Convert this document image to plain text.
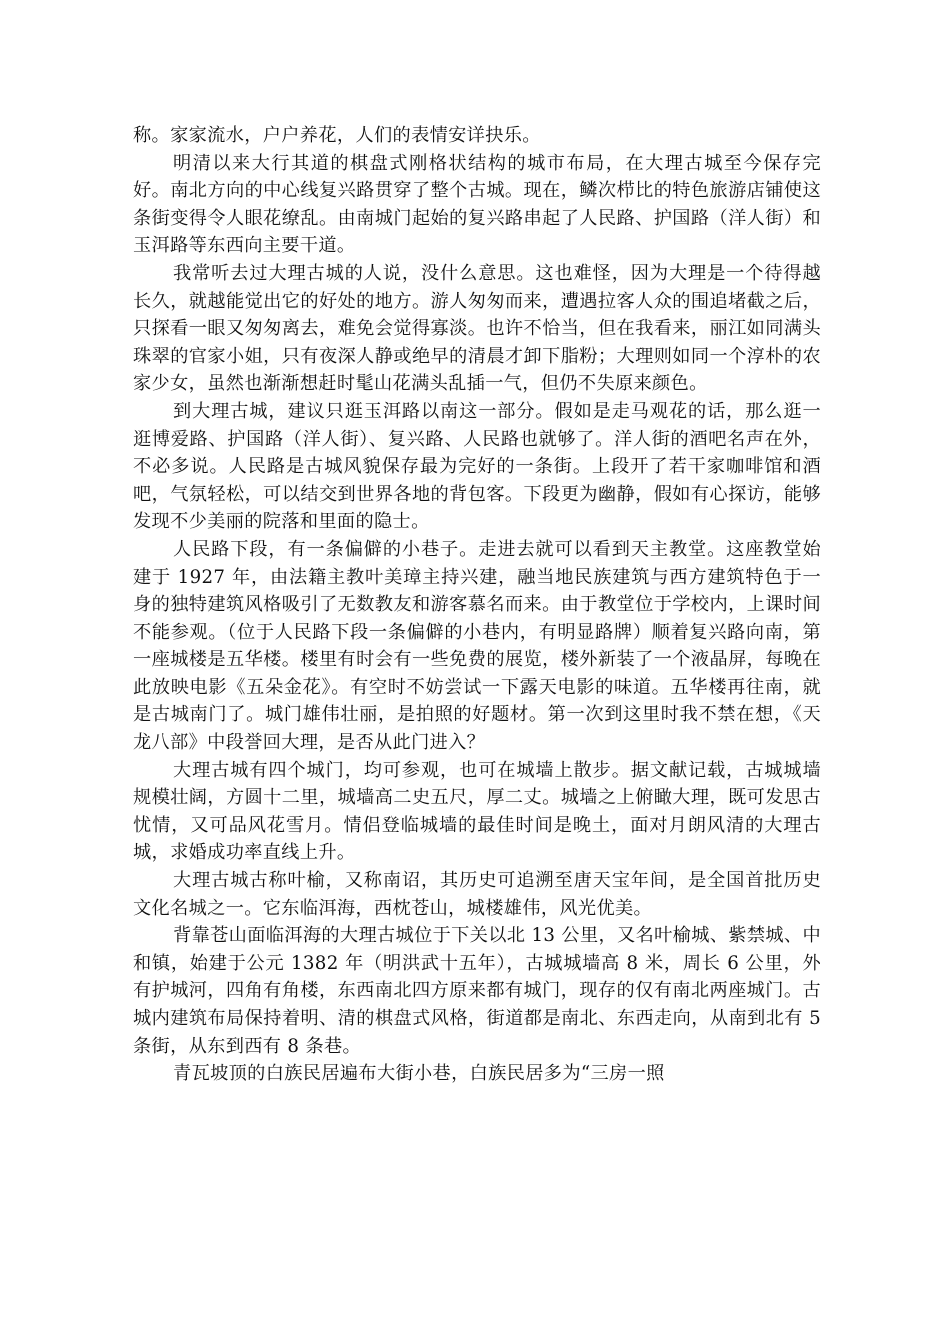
称。家家流水，户户养花，人们的表情安详抉乐。

明清以来大行其道的棋盘式刚格状结构的城市布局，在大理古城至今保存完好。南北方向的中心线复兴路贯穿了整个古城。现在，鳞次栉比的特色旅游店铺使这条街变得令人眼花缭乱。由南城门起始的复兴路串起了人民路、护国路（洋人街）和玉洱路等东西向主要干道。

我常听去过大理古城的人说，没什么意思。这也难怪，因为大理是一个待得越长久，就越能觉出它的好处的地方。游人匆匆而来，遭遇拉客人众的围追堵截之后，只探看一眼又匆匆离去，难免会觉得寡淡。也许不恰当，但在我看来，丽江如同满头珠翠的官家小姐，只有夜深人静或绝早的清晨才卸下脂粉；大理则如同一个淳朴的农家少女，虽然也渐渐想赶时髦山花满头乱插一气，但仍不失原来颜色。

到大理古城，建议只逛玉洱路以南这一部分。假如是走马观花的话，那么逛一逛博爱路、护国路（洋人街）、复兴路、人民路也就够了。洋人街的酒吧名声在外，不必多说。人民路是古城风貌保存最为完好的一条街。上段开了若干家咖啡馆和酒吧，气氛轻松，可以结交到世界各地的背包客。下段更为幽静，假如有心探访，能够发现不少美丽的院落和里面的隐士。

人民路下段，有一条偏僻的小巷子。走进去就可以看到天主教堂。这座教堂始建于 1927 年，由法籍主教叶美璋主持兴建，融当地民族建筑与西方建筑特色于一身的独特建筑风格吸引了无数教友和游客慕名而来。由于教堂位于学校内，上课时间不能参观。（位于人民路下段一条偏僻的小巷内，有明显路牌）顺着复兴路向南，第一座城楼是五华楼。楼里有时会有一些免费的展览，楼外新装了一个液晶屏，每晚在此放映电影《五朵金花》。有空时不妨尝试一下露天电影的味道。五华楼再往南，就是古城南门了。城门雄伟壮丽，是拍照的好题材。第一次到这里时我不禁在想，《天龙八部》中段誉回大理，是否从此门进入？

大理古城有四个城门，均可参观，也可在城墙上散步。据文献记载，古城城墙规模壮阔，方圆十二里，城墙高二史五尺，厚二丈。城墙之上俯瞰大理，既可发思古忧情，又可品风花雪月。情侣登临城墙的最佳时间是晚土，面对月朗风清的大理古城，求婚成功率直线上升。

大理古城古称叶榆，又称南诏，其历史可追溯至唐天宝年间，是全国首批历史文化名城之一。它东临洱海，西枕苍山，城楼雄伟，风光优美。

背靠苍山面临洱海的大理古城位于下关以北 13 公里，又名叶榆城、紫禁城、中和镇，始建于公元 1382 年（明洪武十五年），古城城墙高 8 米，周长 6 公里，外有护城河，四角有角楼，东西南北四方原来都有城门，现存的仅有南北两座城门。古城内建筑布局保持着明、清的棋盘式风格，街道都是南北、东西走向，从南到北有 5 条街，从东到西有 8 条巷。

青瓦坡顶的白族民居遍布大街小巷，白族民居多为“三房一照
